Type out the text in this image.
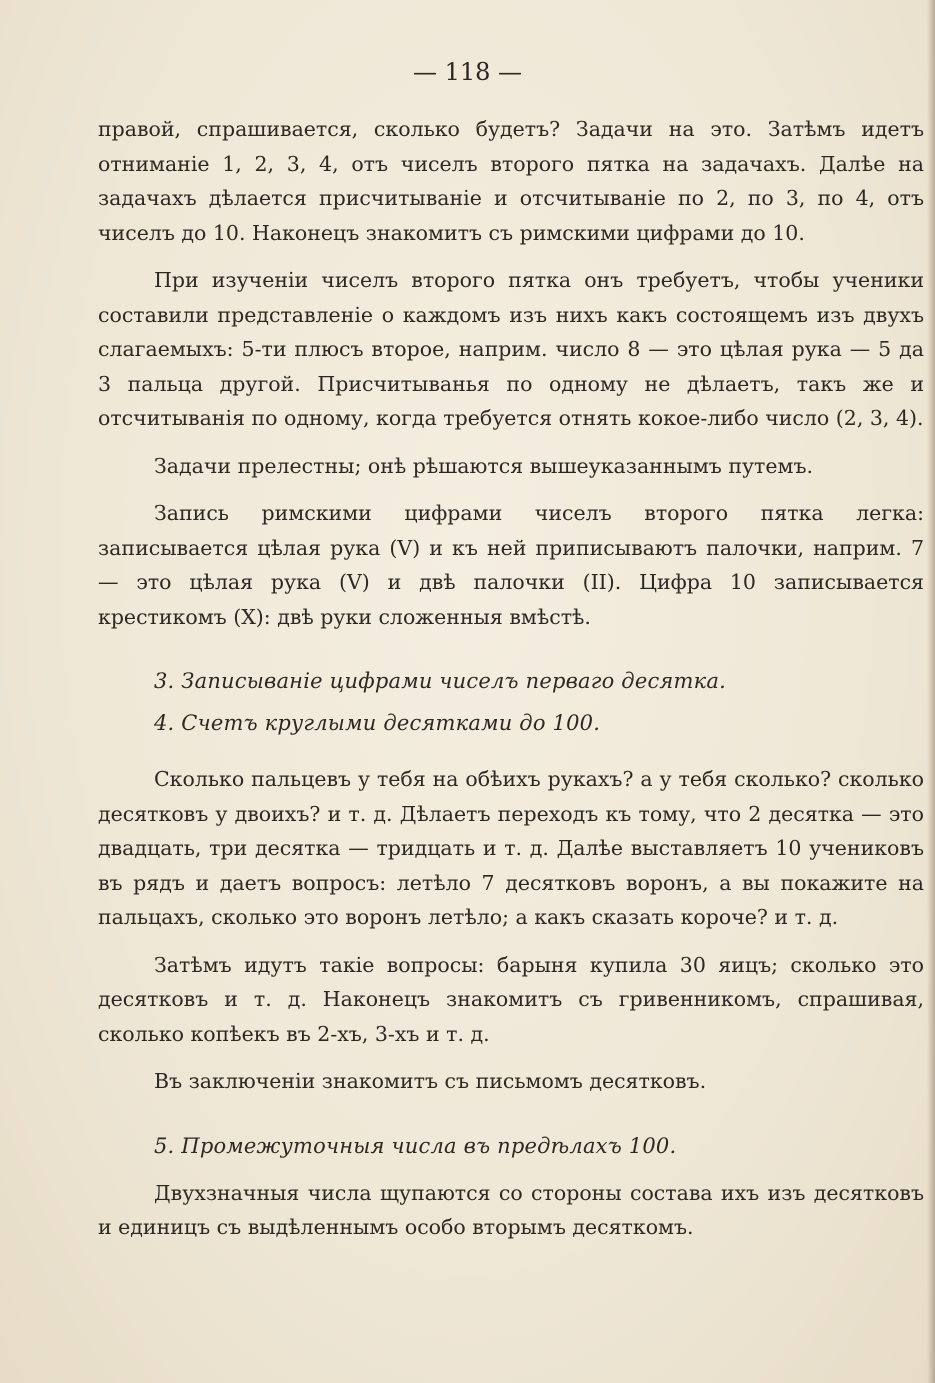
— 118 —

правой, спрашивается, сколько будетъ? Задачи на это. Затѣмъ идетъ отниманіе 1, 2, 3, 4, отъ чиселъ второго пятка на задачахъ. Далѣе на задачахъ дѣлается присчитываніе и отсчитываніе по 2, по 3, по 4, отъ чиселъ до 10. Наконецъ знакомитъ съ римскими цифрами до 10.

При изученіи чиселъ второго пятка онъ требуетъ, чтобы ученики составили представленіе о каждомъ изъ нихъ какъ состоящемъ изъ двухъ слагаемыхъ: 5-ти плюсъ второе, наприм. число 8 — это цѣлая рука — 5 да 3 пальца другой. Присчитыванья по одному не дѣлаетъ, такъ же и отсчитыванія по одному, когда требуется отнять кокое-либо число (2, 3, 4).

Задачи прелестны; онѣ рѣшаются вышеуказаннымъ путемъ.

Запись римскими цифрами чиселъ второго пятка легка: записывается цѣлая рука (V) и къ ней приписываютъ палочки, наприм. 7 — это цѣлая рука (V) и двѣ палочки (II). Цифра 10 записывается крестикомъ (X): двѣ руки сложенныя вмѣстѣ.

3. Записываніе цифрами чиселъ перваго десятка.

4. Счетъ круглыми десятками до 100.

Сколько пальцевъ у тебя на обѣихъ рукахъ? а у тебя сколько? сколько десятковъ у двоихъ? и т. д. Дѣлаетъ переходъ къ тому, что 2 десятка — это двадцать, три десятка — тридцать и т. д. Далѣе выставляетъ 10 учениковъ въ рядъ и даетъ вопросъ: летѣло 7 десятковъ воронъ, а вы покажите на пальцахъ, сколько это воронъ летѣло; а какъ сказать короче? и т. д.

Затѣмъ идутъ такіе вопросы: барыня купила 30 яицъ; сколько это десятковъ и т. д. Наконецъ знакомитъ съ гривенникомъ, спрашивая, сколько копѣекъ въ 2-хъ, 3-хъ и т. д.

Въ заключеніи знакомитъ съ письмомъ десятковъ.

5. Промежуточныя числа въ предѣлахъ 100.

Двухзначныя числа щупаются со стороны состава ихъ изъ десятковъ и единицъ съ выдѣленнымъ особо вторымъ десяткомъ.
